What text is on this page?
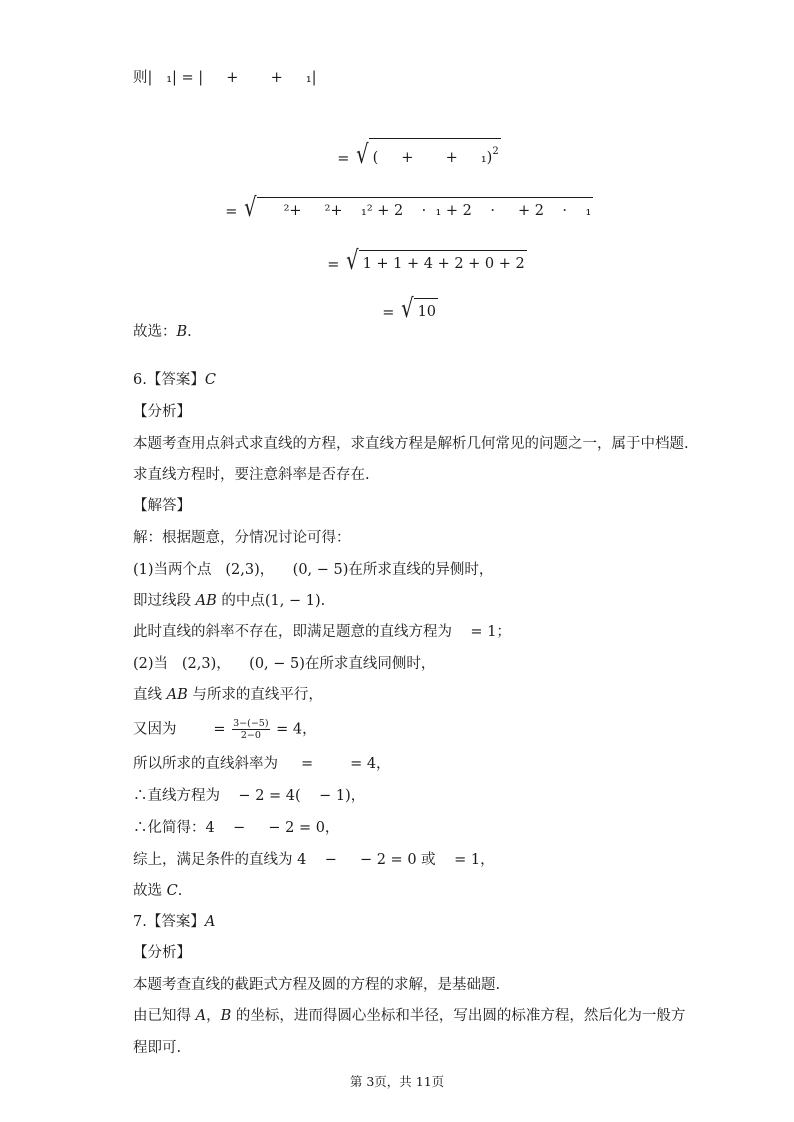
则|   ₁| = |     +       +     ₁|

= √ (     +       +     ₁)$^2$

= √ ²+     ²+    ₁² + 2    ·  ₁ + 2    ·     + 2    ·    ₁

= √ 1 + 1 + 4 + 2 + 0 + 2

= √ 10

故选：B.
6.【答案】C
【分析】
本题考查用点斜式求直线的方程，求直线方程是解析几何常见的问题之一，属于中档题.
求直线方程时，要注意斜率是否存在.
【解答】
解：根据题意，分情况讨论可得：
(1)当两个点   (2,3)，    (0, − 5)在所求直线的异侧时，
即过线段 AB 的中点(1, − 1).
此时直线的斜率不存在，即满足题意的直线方程为    = 1；
(2)当   (2,3)，    (0, − 5)在所求直线同侧时，
直线 AB 与所求的直线平行，
又因为        = $\frac{3-(-5)}{2-0} = 4$，
所以所求的直线斜率为     =        = 4，
∴直线方程为    − 2 = 4(    − 1)，
∴化简得：4    −     − 2 = 0，
综上，满足条件的直线为 4    −     − 2 = 0 或    = 1，
故选 C.
7.【答案】A
【分析】
本题考查直线的截距式方程及圆的方程的求解，是基础题.
由已知得 A，B 的坐标，进而得圆心坐标和半径，写出圆的标准方程，然后化为一般方
程即可.
第 3页，共 11页
